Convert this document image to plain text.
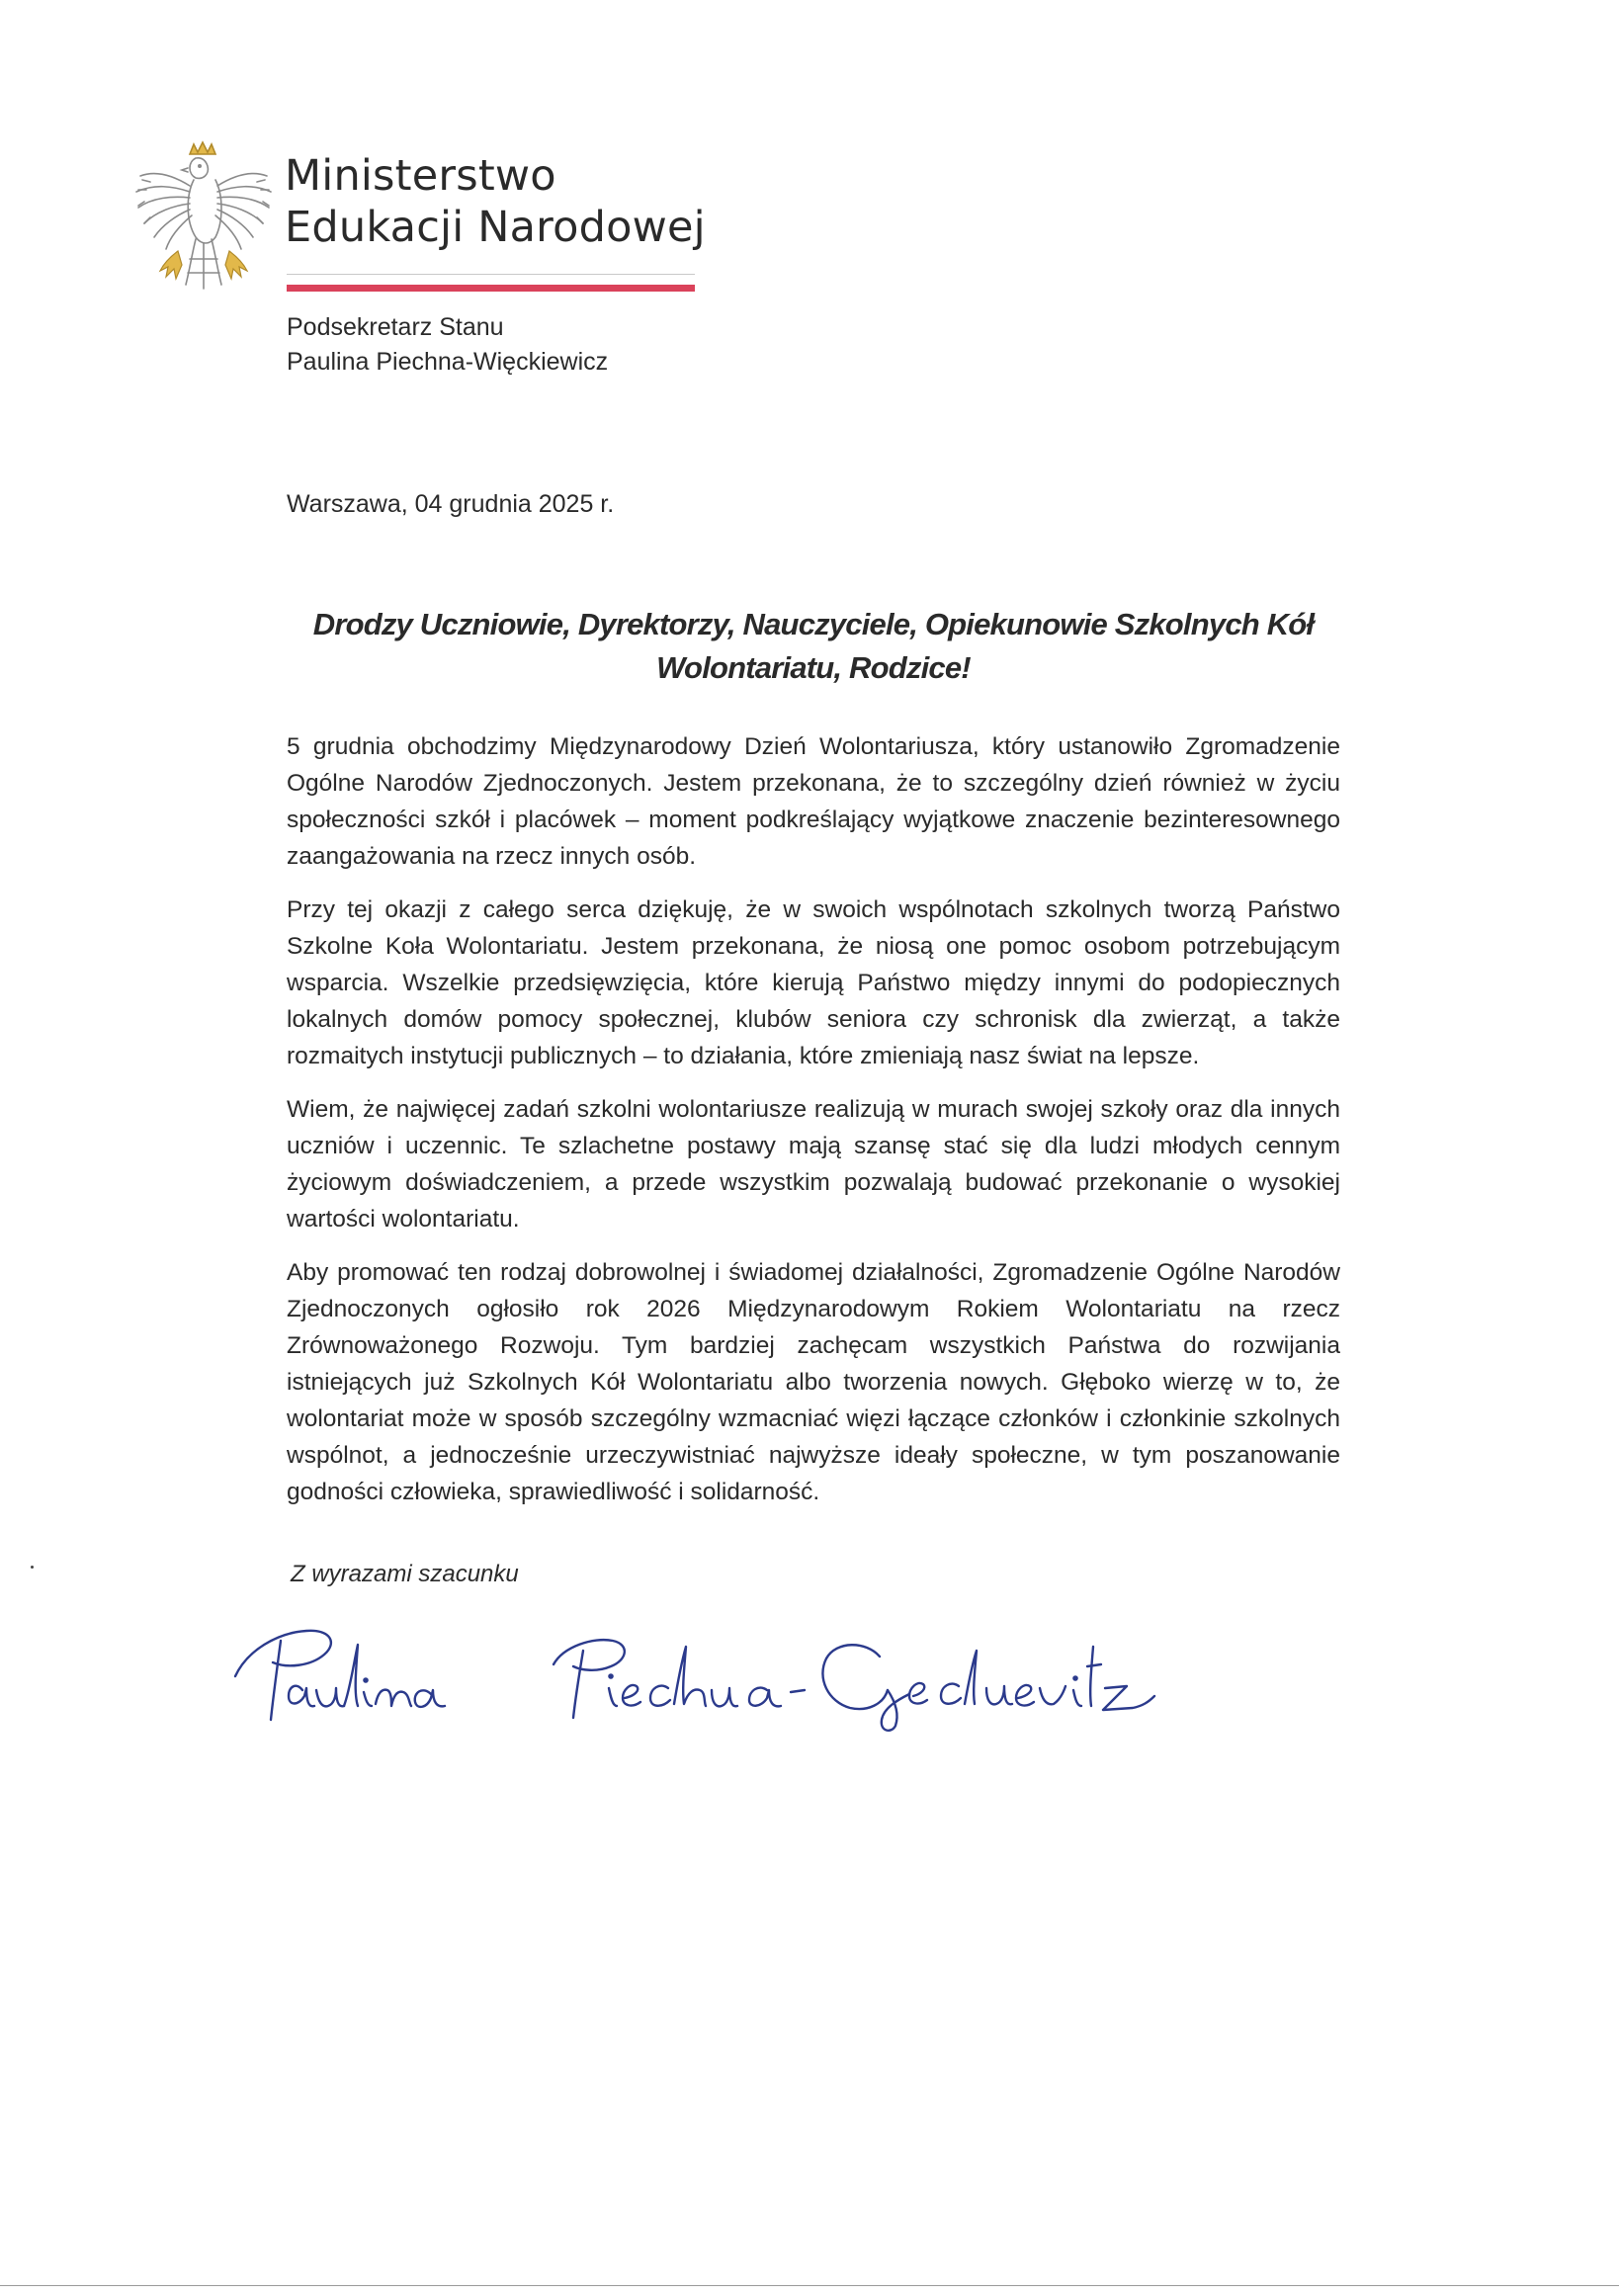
Ministerstwo
Edukacji Narodowej
Podsekretarz Stanu
Paulina Piechna-Więckiewicz
Warszawa, 04 grudnia 2025 r.
Drodzy Uczniowie, Dyrektorzy, Nauczyciele, Opiekunowie Szkolnych Kół
Wolontariatu, Rodzice!

5 grudnia obchodzimy Międzynarodowy Dzień Wolontariusza, który ustanowiło Zgromadzenie Ogólne Narodów Zjednoczonych. Jestem przekonana, że to szczególny dzień również w życiu społeczności szkół i placówek – moment podkreślający wyjątkowe znaczenie bezinteresownego zaangażowania na rzecz innych osób.

Przy tej okazji z całego serca dziękuję, że w swoich wspólnotach szkolnych tworzą Państwo Szkolne Koła Wolontariatu. Jestem przekonana, że niosą one pomoc osobom potrzebującym wsparcia. Wszelkie przedsięwzięcia, które kierują Państwo między innymi do podopiecznych lokalnych domów pomocy społecznej, klubów seniora czy schronisk dla zwierząt, a także rozmaitych instytucji publicznych – to działania, które zmieniają nasz świat na lepsze.

Wiem, że najwięcej zadań szkolni wolontariusze realizują w murach swojej szkoły oraz dla innych uczniów i uczennic. Te szlachetne postawy mają szansę stać się dla ludzi młodych cennym życiowym doświadczeniem, a przede wszystkim pozwalają budować przekonanie o wysokiej wartości wolontariatu.

Aby promować ten rodzaj dobrowolnej i świadomej działalności, Zgromadzenie Ogólne Narodów Zjednoczonych ogłosiło rok 2026 Międzynarodowym Rokiem Wolontariatu na rzecz Zrównoważonego Rozwoju. Tym bardziej zachęcam wszystkich Państwa do rozwijania istniejących już Szkolnych Kół Wolontariatu albo tworzenia nowych. Głęboko wierzę w to, że wolontariat może w sposób szczególny wzmacniać więzi łączące członków i członkinie szkolnych wspólnot, a jednocześnie urzeczywistniać najwyższe ideały społeczne, w tym poszanowanie godności człowieka, sprawiedliwość i solidarność.

Z wyrazami szacunku
